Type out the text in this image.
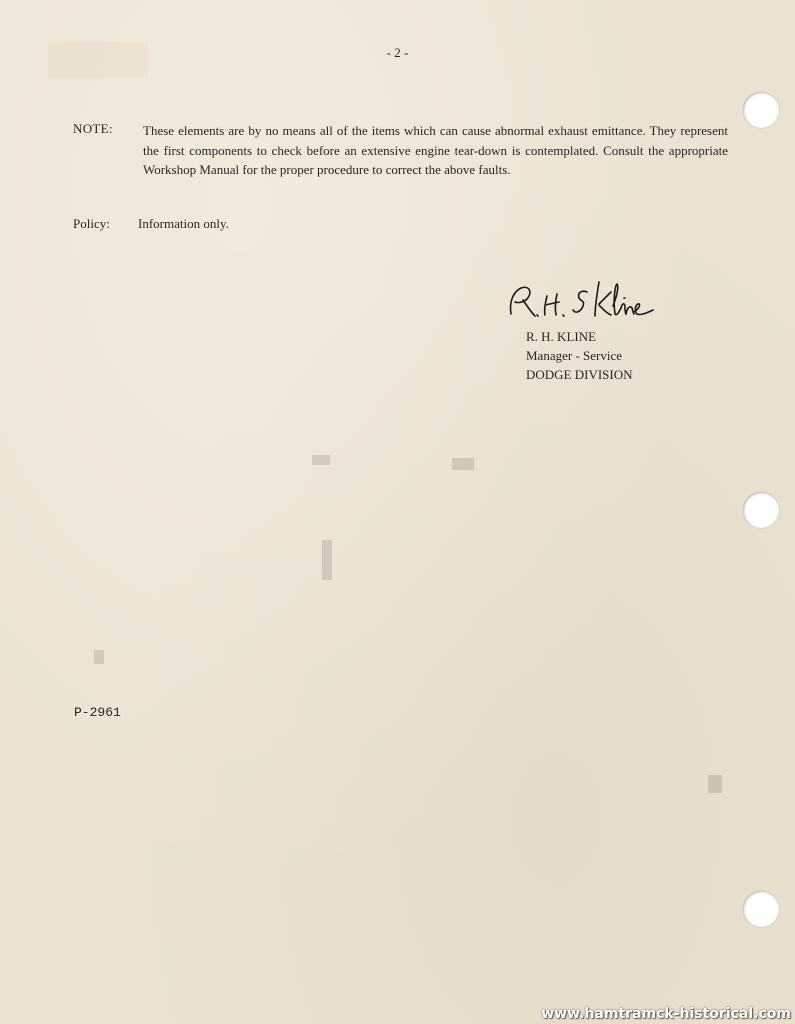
- 2 -
NOTE: These elements are by no means all of the items which can cause abnormal exhaust emittance. They represent the first components to check before an extensive engine tear-down is contemplated. Consult the appropriate Workshop Manual for the proper procedure to correct the above faults.
Policy: Information only.
R. H. KLINE
Manager - Service
DODGE DIVISION
P-2961
www.hamtramck-historical.com
